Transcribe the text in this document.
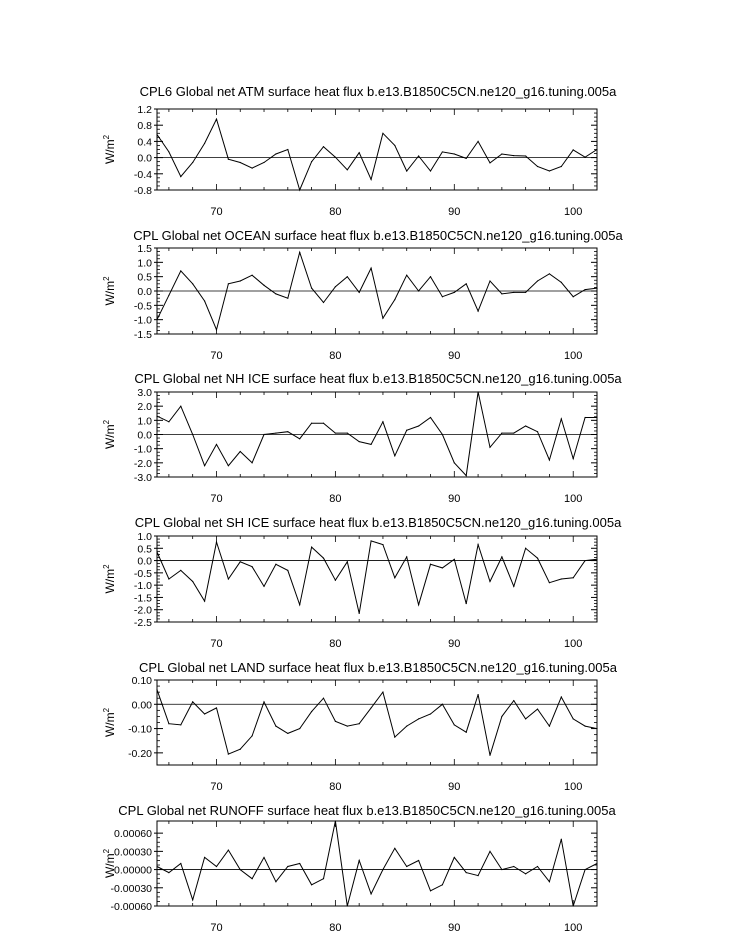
CPL6 Global net ATM surface heat flux b.e13.B1850C5CN.ne120_g16.tuning.005a
-0.8
-0.4
0.0
0.4
0.8
1.2
70	80	90	100
$W/m^2$
CPL Global net OCEAN surface heat flux b.e13.B1850C5CN.ne120_g16.tuning.005a
-1.5
-1.0
-0.5
0.0
0.5
1.0
1.5
70	80	90	100
$W/m^2$
CPL Global net NH ICE surface heat flux b.e13.B1850C5CN.ne120_g16.tuning.005a
-3.0
-2.0
-1.0
0.0
1.0
2.0
3.0
70	80	90	100
$W/m^2$
CPL Global net SH ICE surface heat flux b.e13.B1850C5CN.ne120_g16.tuning.005a
-2.5
-2.0
-1.5
-1.0
-0.5
0.0
0.5
1.0
70	80	90	100
$W/m^2$
CPL Global net LAND surface heat flux b.e13.B1850C5CN.ne120_g16.tuning.005a
-0.20
-0.10
0.00
0.10
70	80	90	100
$W/m^2$
CPL Global net RUNOFF surface heat flux b.e13.B1850C5CN.ne120_g16.tuning.005a
-0.00060
-0.00030
0.00000
0.00030
0.00060
70	80	90	100
$W/m^2$
